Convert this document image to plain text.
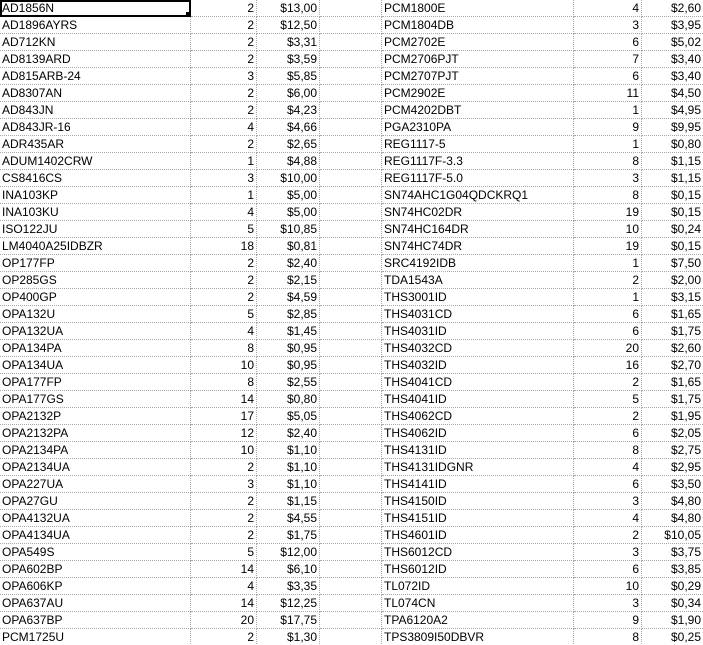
AD1856N	2	$13,00	PCM1800E	4	$2,60
AD1896AYRS	2	$12,50	PCM1804DB	3	$3,95
AD712KN	2	$3,31	PCM2702E	6	$5,02
AD8139ARD	2	$3,59	PCM2706PJT	7	$3,40
AD815ARB-24	3	$5,85	PCM2707PJT	6	$3,40
AD8307AN	2	$6,00	PCM2902E	11	$4,50
AD843JN	2	$4,23	PCM4202DBT	1	$4,95
AD843JR-16	4	$4,66	PGA2310PA	9	$9,95
ADR435AR	2	$2,65	REG1117-5	1	$0,80
ADUM1402CRW	1	$4,88	REG1117F-3.3	8	$1,15
CS8416CS	3	$10,00	REG1117F-5.0	3	$1,15
INA103KP	1	$5,00	SN74AHC1G04QDCKRQ1	8	$0,15
INA103KU	4	$5,00	SN74HC02DR	19	$0,15
ISO122JU	5	$10,85	SN74HC164DR	10	$0,24
LM4040A25IDBZR	18	$0,81	SN74HC74DR	19	$0,15
OP177FP	2	$2,40	SRC4192IDB	1	$7,50
OP285GS	2	$2,15	TDA1543A	2	$2,00
OP400GP	2	$4,59	THS3001ID	1	$3,15
OPA132U	5	$2,85	THS4031CD	6	$1,65
OPA132UA	4	$1,45	THS4031ID	6	$1,75
OPA134PA	8	$0,95	THS4032CD	20	$2,60
OPA134UA	10	$0,95	THS4032ID	16	$2,70
OPA177FP	8	$2,55	THS4041CD	2	$1,65
OPA177GS	14	$0,80	THS4041ID	5	$1,75
OPA2132P	17	$5,05	THS4062CD	2	$1,95
OPA2132PA	12	$2,40	THS4062ID	6	$2,05
OPA2134PA	10	$1,10	THS4131ID	8	$2,75
OPA2134UA	2	$1,10	THS4131IDGNR	4	$2,95
OPA227UA	3	$1,10	THS4141ID	6	$3,50
OPA27GU	2	$1,15	THS4150ID	3	$4,80
OPA4132UA	2	$4,55	THS4151ID	4	$4,80
OPA4134UA	2	$1,75	THS4601ID	2	$10,05
OPA549S	5	$12,00	THS6012CD	3	$3,75
OPA602BP	14	$6,10	THS6012ID	6	$3,85
OPA606KP	4	$3,35	TL072ID	10	$0,29
OPA637AU	14	$12,25	TL074CN	3	$0,34
OPA637BP	20	$17,75	TPA6120A2	9	$1,90
PCM1725U	2	$1,30	TPS3809I50DBVR	8	$0,25
